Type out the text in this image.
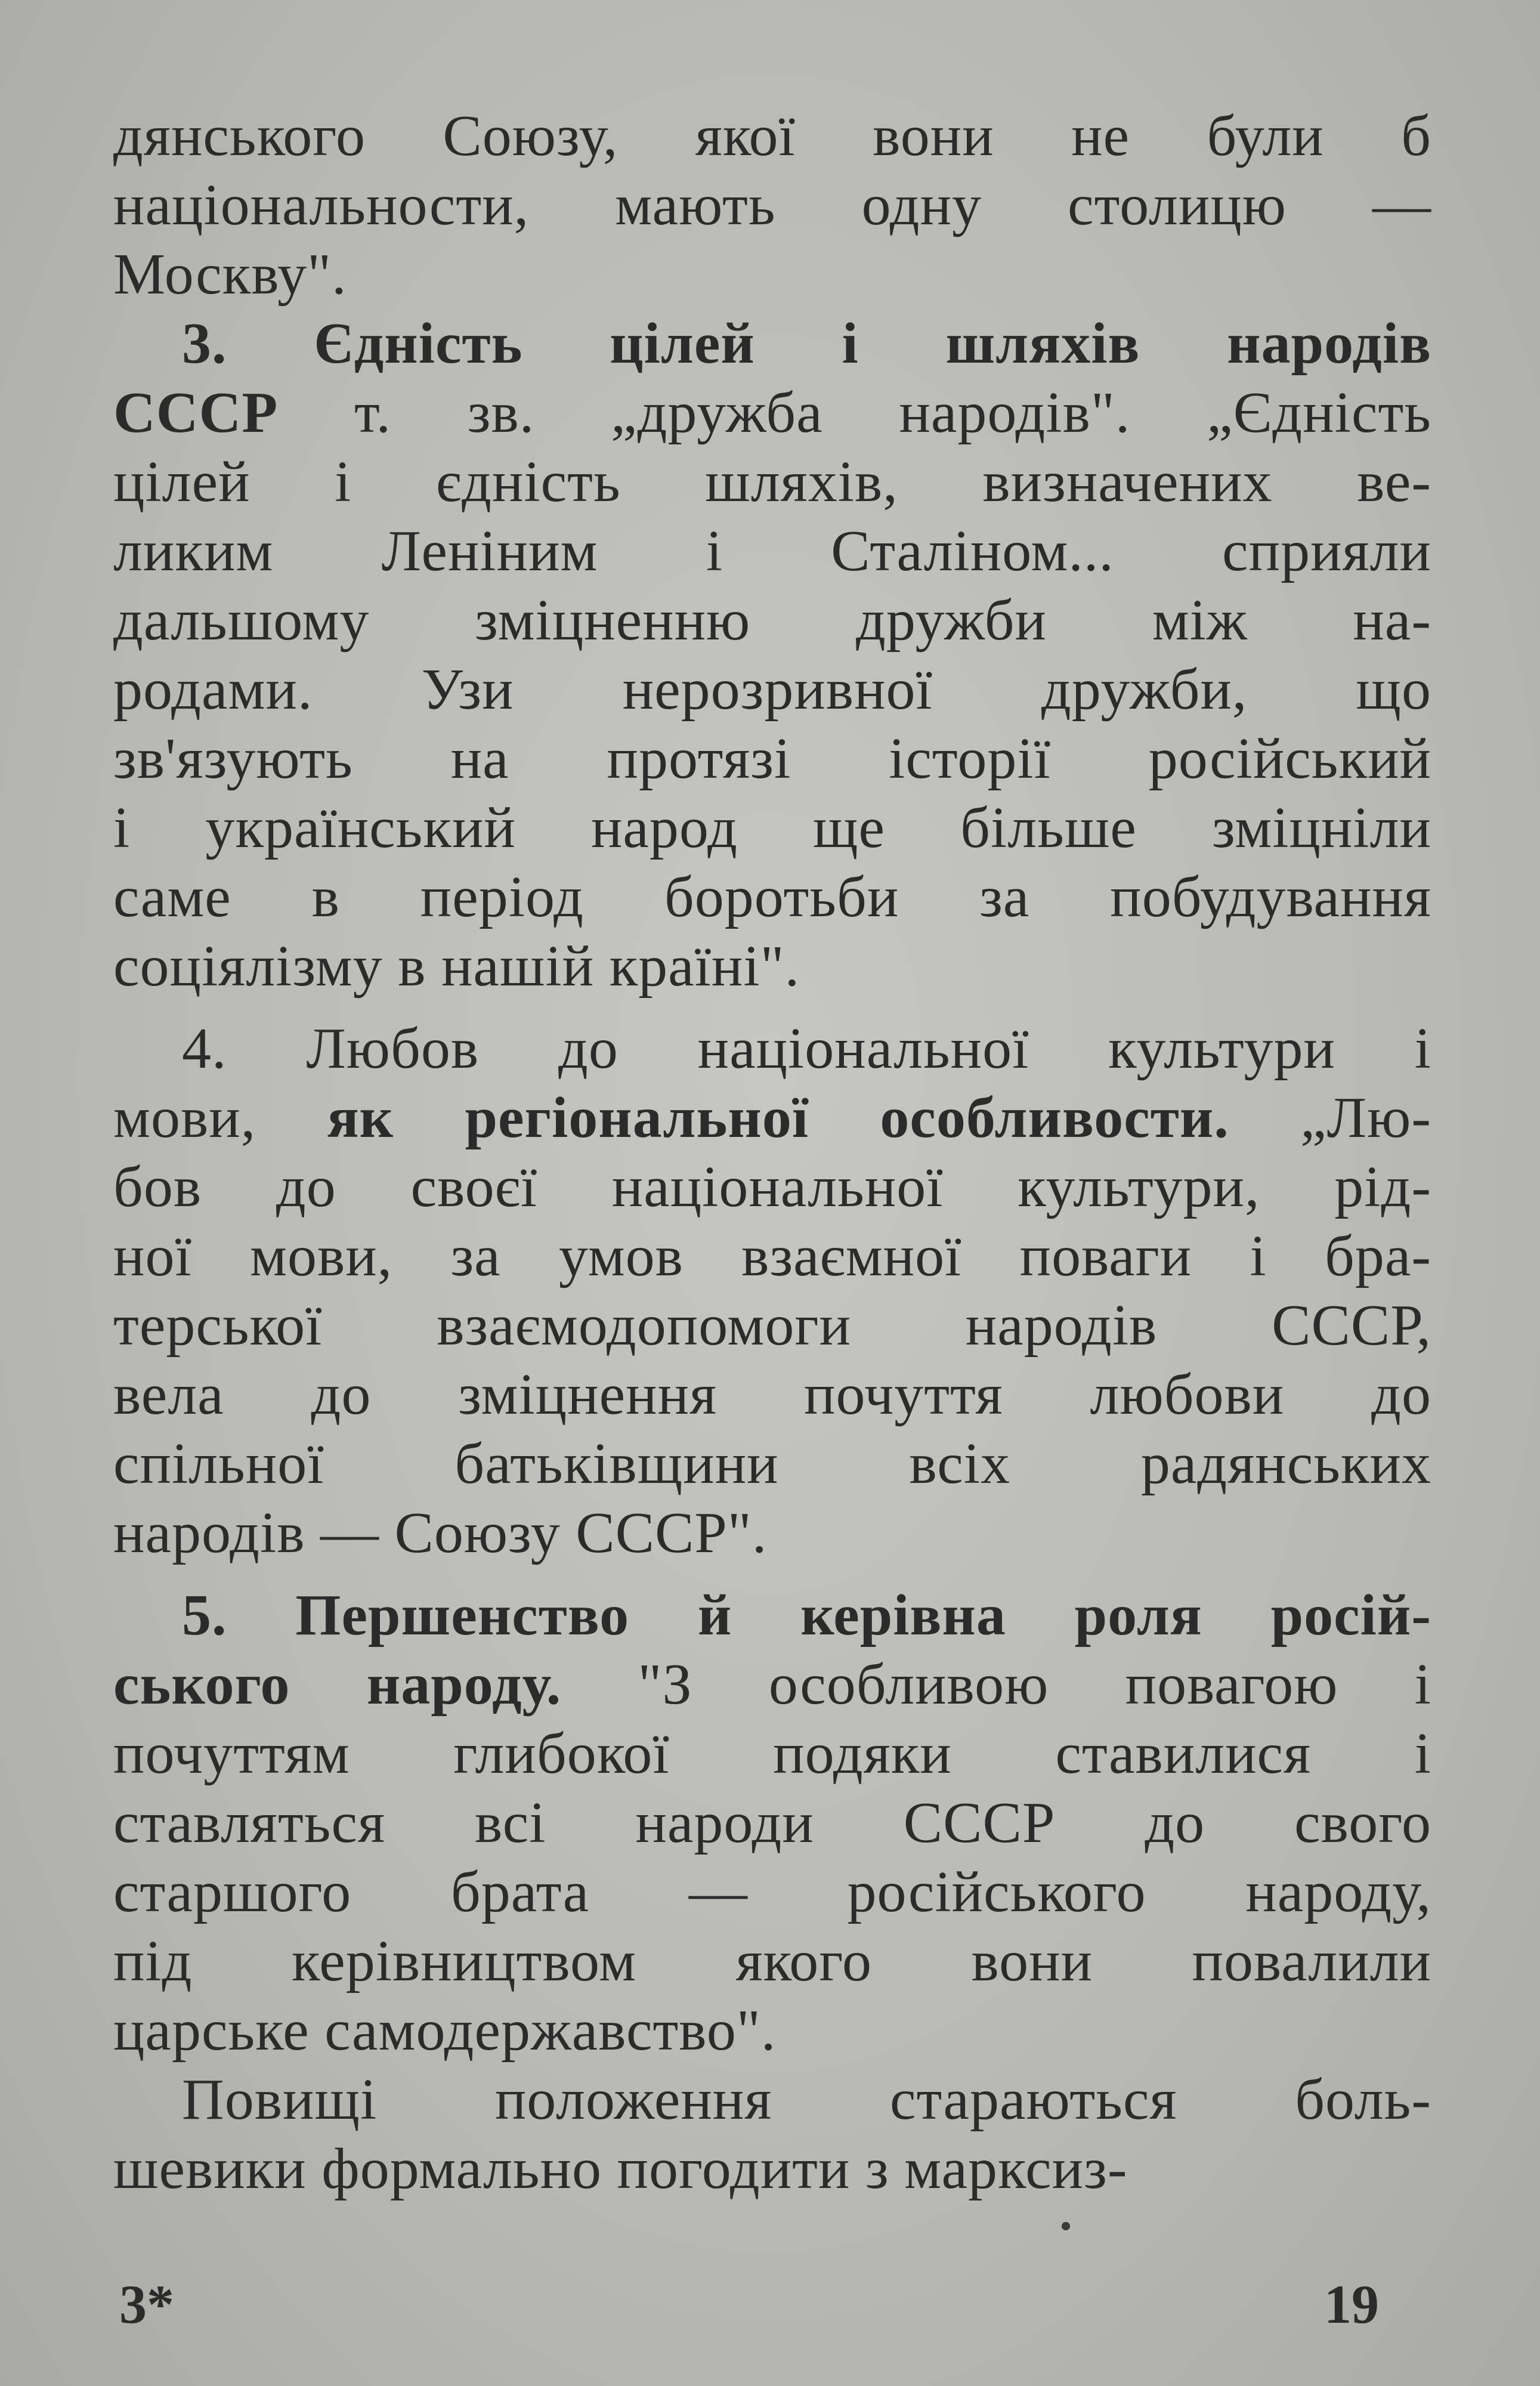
дянського Союзу, якої вони не були б
національности, мають одну столицю —
Москву".
3. Єдність цілей і шляхів народів
СССР т. зв. „дружба народів". „Єдність
цілей і єдність шляхів, визначених ве-
ликим Леніним і Сталіном... сприяли
дальшому зміцненню дружби між на-
родами. Узи нерозривної дружби, що
зв'язують на протязі історії російський
і український народ ще більше зміцніли
саме в період боротьби за побудування
соціялізму в нашій країні".
4. Любов до національної культури і
мови, як регіональної особливости. „Лю-
бов до своєї національної культури, рід-
ної мови, за умов взаємної поваги і бра-
терської взаємодопомоги народів СССР,
вела до зміцнення почуття любови до
спільної батьківщини всіх радянських
народів — Союзу СССР".
5. Першенство й керівна роля росій-
ського народу. "З особливою повагою і
почуттям глибокої подяки ставилися і
ставляться всі народи СССР до свого
старшого брата — російського народу,
під керівництвом якого вони повалили
царське самодержавство".
Повищі положення стараються боль-
шевики формально погодити з марксиз-
3*	19
